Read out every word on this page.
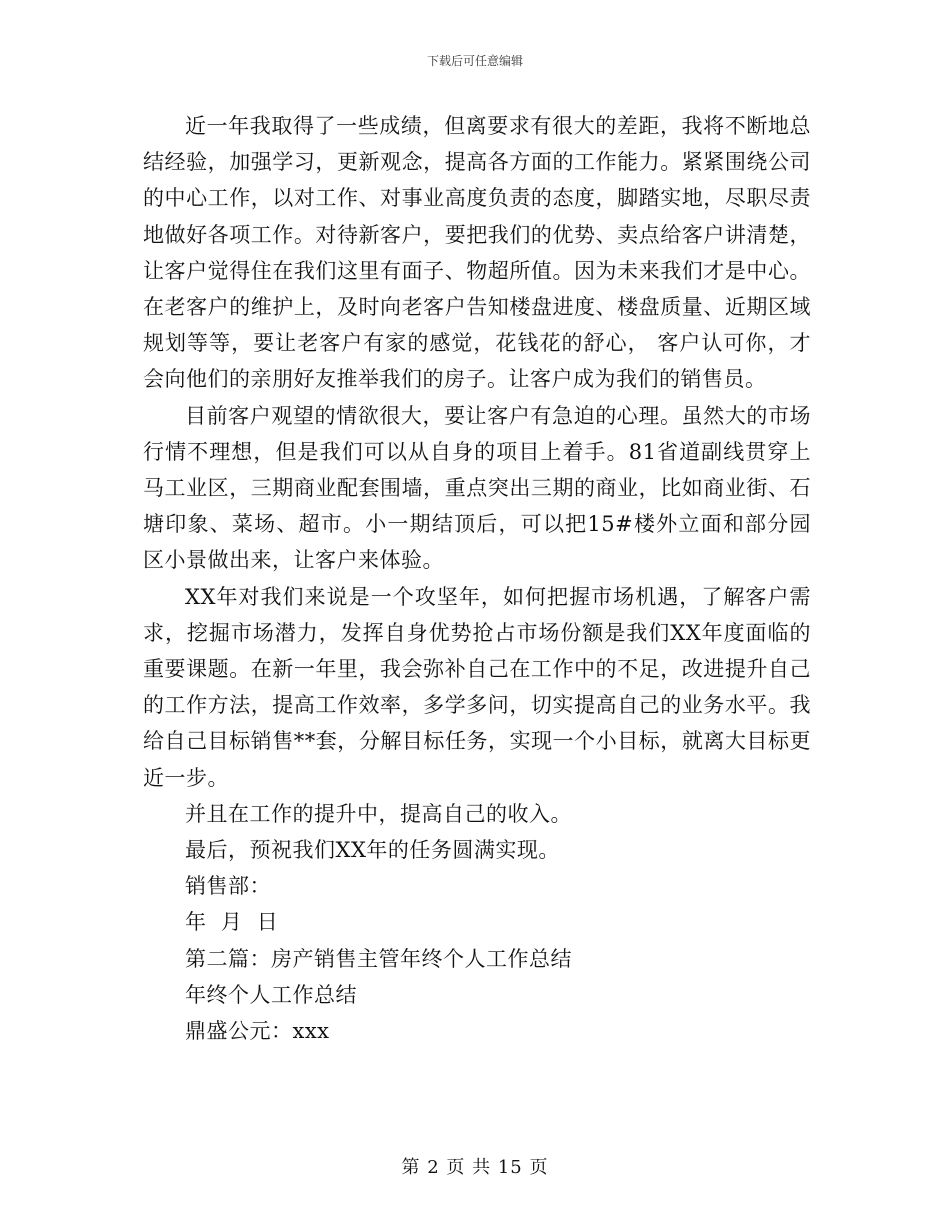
下载后可任意编辑

近一年我取得了一些成绩，但离要求有很大的差距，我将不断地总结经验，加强学习，更新观念，提高各方面的工作能力。紧紧围绕公司的中心工作，以对工作、对事业高度负责的态度，脚踏实地，尽职尽责地做好各项工作。对待新客户，要把我们的优势、卖点给客户讲清楚，让客户觉得住在我们这里有面子、物超所值。因为未来我们才是中心。在老客户的维护上，及时向老客户告知楼盘进度、楼盘质量、近期区域规划等等，要让老客户有家的感觉，花钱花的舒心， 客户认可你，才会向他们的亲朋好友推举我们的房子。让客户成为我们的销售员。

目前客户观望的情欲很大，要让客户有急迫的心理。虽然大的市场行情不理想，但是我们可以从自身的项目上着手。81省道副线贯穿上马工业区，三期商业配套围墙，重点突出三期的商业，比如商业街、石塘印象、菜场、超市。小一期结顶后，可以把15#楼外立面和部分园区小景做出来，让客户来体验。

XX年对我们来说是一个攻坚年，如何把握市场机遇，了解客户需求，挖掘市场潜力，发挥自身优势抢占市场份额是我们XX年度面临的重要课题。在新一年里，我会弥补自己在工作中的不足，改进提升自己的工作方法，提高工作效率，多学多问，切实提高自己的业务水平。我给自己目标销售**套，分解目标任务，实现一个小目标，就离大目标更近一步。

并且在工作的提升中，提高自己的收入。

最后，预祝我们XX年的任务圆满实现。

销售部：

年  月  日

第二篇：房产销售主管年终个人工作总结

年终个人工作总结

鼎盛公元：xxx

第 2 页 共 15 页
